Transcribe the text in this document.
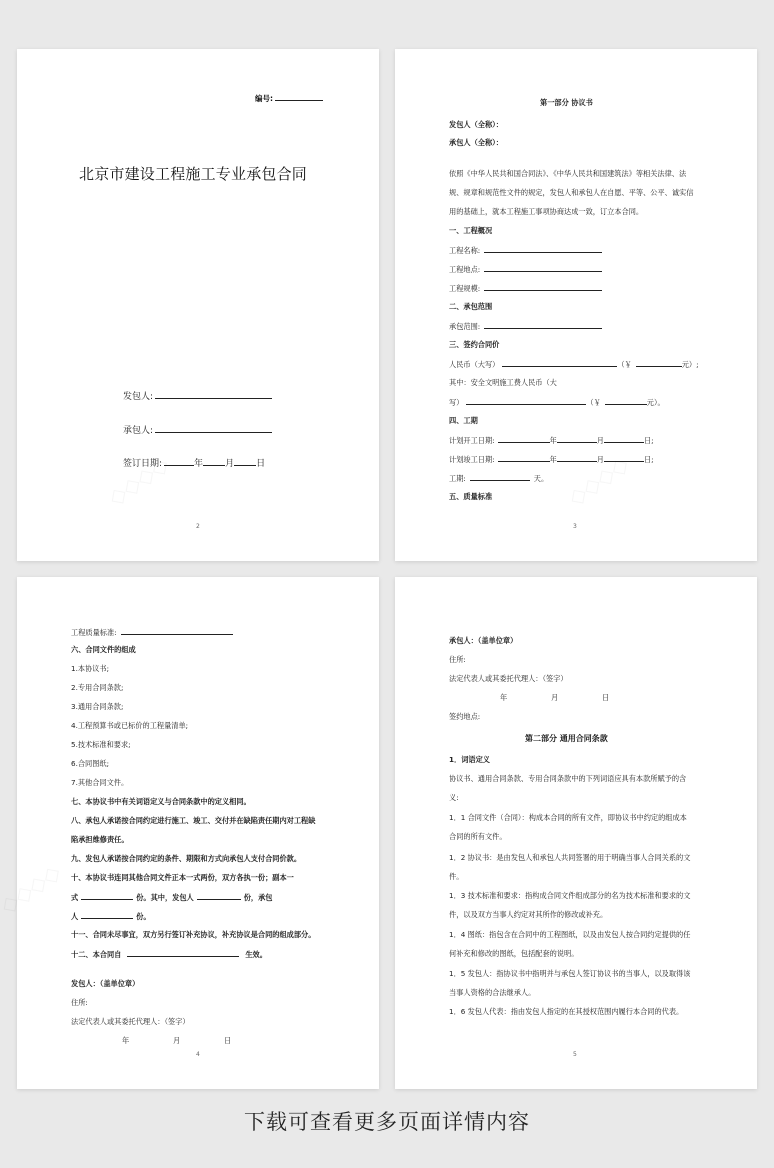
编号:
北京市建设工程施工专业承包合同
发包人:
承包人:
签订日期:	年 月 日
2
第一部分 协议书
发包人（全称）：
承包人（全称）：
依照《中华人民共和国合同法》、《中华人民共和国建筑法》等相关法律、法
规、规章和规范性文件的规定，发包人和承包人在自愿、平等、公平、诚实信
用的基础上，就本工程施工事项协商达成一致，订立本合同。
一、工程概况
工程名称:
工程地点:
工程规模:
二、承包范围
承包范围:
三、签约合同价
人民币（大写）	（￥	元）;
其中：安全文明施工费人民币（大
写）	（￥	元）。
四、工期
计划开工日期:	年	月	日;
计划竣工日期:	年	月	日;
工期:	天。
五、质量标准
3
工程质量标准:
六、合同文件的组成
1.本协议书;
2.专用合同条款;
3.通用合同条款;
4.工程预算书或已标价的工程量清单;
5.技术标准和要求;
6.合同图纸;
7.其他合同文件。
七、本协议书中有关词语定义与合同条款中的定义相同。
八、承包人承诺按合同约定进行施工、竣工、交付并在缺陷责任期内对工程缺
陷承担维修责任。
九、发包人承诺按合同约定的条件、期限和方式向承包人支付合同价款。
十、本协议书连同其他合同文件正本一式两份，双方各执一份；副本一
式	份。其中，发包人	份，承包
人	份。
十一、合同未尽事宜，双方另行签订补充协议，补充协议是合同的组成部分。
十二、本合同自	生效。
发包人：（盖单位章）
住所:
法定代表人或其委托代理人：（签字）
年	月	日
4
承包人：（盖单位章）
住所:
法定代表人或其委托代理人：（签字）
年	月	日
签约地点:
第二部分 通用合同条款
1．词语定义
协议书、通用合同条款、专用合同条款中的下列词语应具有本款所赋予的含
义:
1．1 合同文件（合同）：构成本合同的所有文件，即协议书中约定的组成本
合同的所有文件。
1．2 协议书：是由发包人和承包人共同签署的用于明确当事人合同关系的文
件。
1．3 技术标准和要求：指构成合同文件组成部分的名为技术标准和要求的文
件，以及双方当事人约定对其所作的修改或补充。
1．4 图纸：指包含在合同中的工程图纸，以及由发包人按合同约定提供的任
何补充和修改的图纸，包括配套的说明。
1．5 发包人：指协议书中指明并与承包人签订协议书的当事人，以及取得该
当事人资格的合法继承人。
1．6 发包人代表：指由发包人指定的在其授权范围内履行本合同的代表。
5
下载可查看更多页面详情内容
